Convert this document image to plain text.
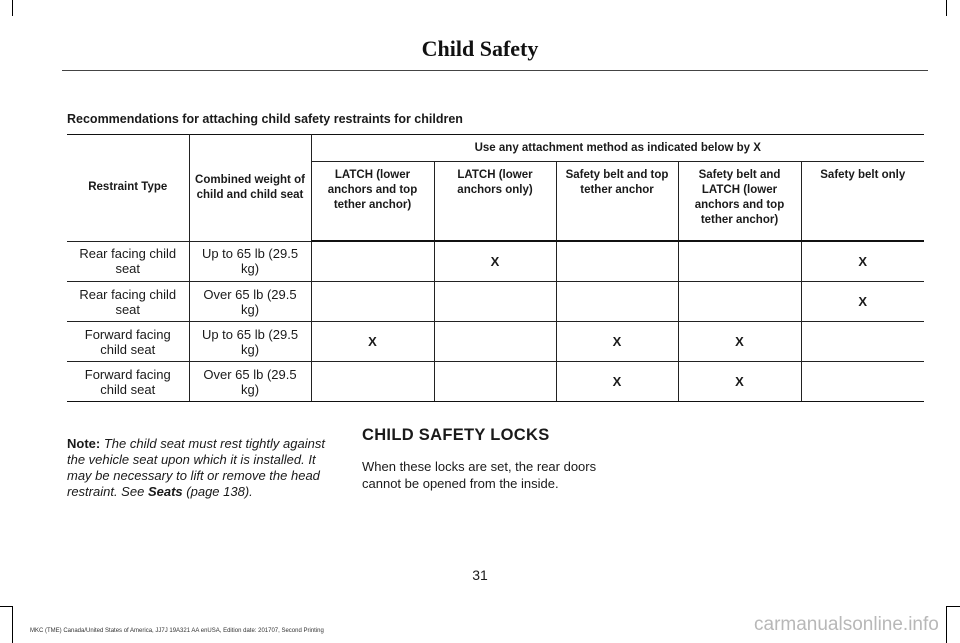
Child Safety
Recommendations for attaching child safety restraints for children
Restraint Type	Combined weight of child and child seat	Use any attachment method as indicated below by X				
		LATCH (lower anchors and top tether anchor)	LATCH (lower anchors only)	Safety belt and top tether anchor	Safety belt and LATCH (lower anchors and top tether anchor)	Safety belt only
Rear facing child seat	Up to 65 lb (29.5 kg)		X			X
Rear facing child seat	Over 65 lb (29.5 kg)					X
Forward facing child seat	Up to 65 lb (29.5 kg)	X		X	X	
Forward facing child seat	Over 65 lb (29.5 kg)			X	X	
Note: The child seat must rest tightly against the vehicle seat upon which it is installed. It may be necessary to lift or remove the head restraint. See Seats (page 138).
CHILD SAFETY LOCKS
When these locks are set, the rear doors cannot be opened from the inside.
31
MKC (TME) Canada/United States of America, JJ7J 19A321 AA enUSA, Edition date: 201707, Second Printing	carmanualsonline.info
